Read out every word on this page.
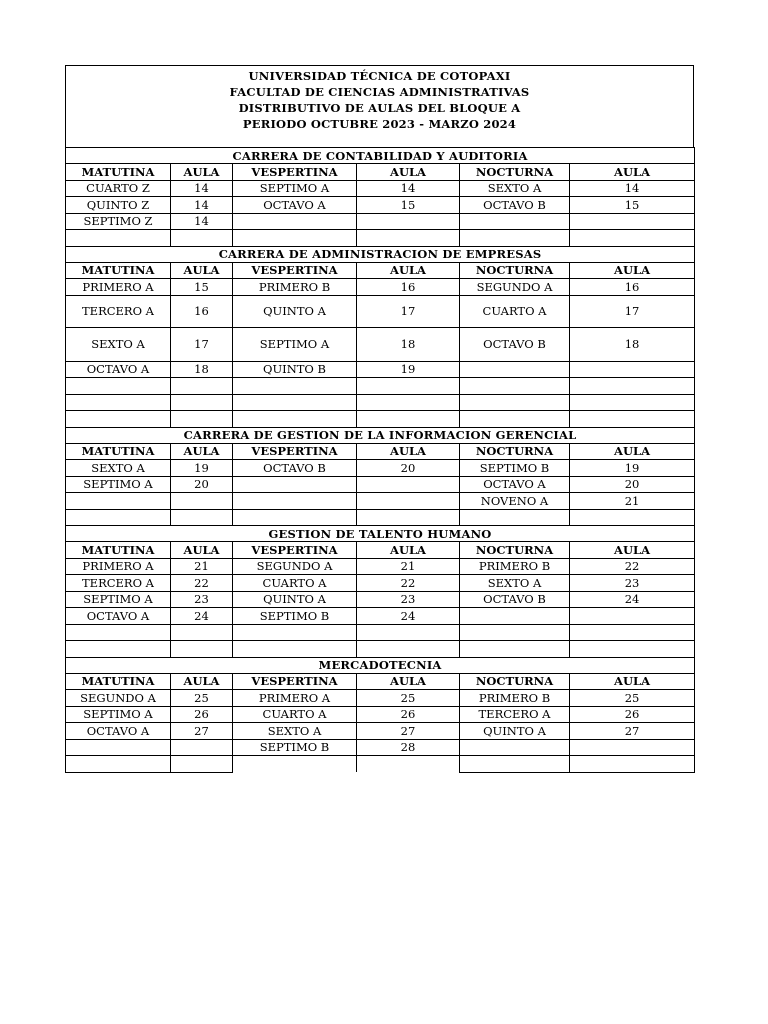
UNIVERSIDAD TÉCNICA DE COTOPAXI
FACULTAD DE CIENCIAS ADMINISTRATIVAS
DISTRIBUTIVO DE AULAS DEL BLOQUE A
PERIODO OCTUBRE 2023 - MARZO 2024
CARRERA DE CONTABILIDAD Y AUDITORIA					
MATUTINA	AULA	VESPERTINA	AULA	NOCTURNA	AULA
CUARTO Z	14	SEPTIMO A	14	SEXTO A	14
QUINTO Z	14	OCTAVO A	15	OCTAVO B	15
SEPTIMO Z	14				

CARRERA DE ADMINISTRACION DE EMPRESAS					
MATUTINA	AULA	VESPERTINA	AULA	NOCTURNA	AULA
PRIMERO A	15	PRIMERO B	16	SEGUNDO A	16
TERCERO A	16	QUINTO A	17	CUARTO A	17
SEXTO A	17	SEPTIMO A	18	OCTAVO B	18
OCTAVO A	18	QUINTO B	19		

CARRERA DE GESTION DE LA INFORMACION GERENCIAL					
MATUTINA	AULA	VESPERTINA	AULA	NOCTURNA	AULA
SEXTO A	19	OCTAVO B	20	SEPTIMO B	19
SEPTIMO A	20			OCTAVO A	20
				NOVENO A	21

GESTION DE TALENTO HUMANO					
MATUTINA	AULA	VESPERTINA	AULA	NOCTURNA	AULA
PRIMERO A	21	SEGUNDO A	21	PRIMERO B	22
TERCERO A	22	CUARTO A	22	SEXTO A	23
SEPTIMO A	23	QUINTO A	23	OCTAVO B	24
OCTAVO A	24	SEPTIMO B	24		

MERCADOTECNIA					
MATUTINA	AULA	VESPERTINA	AULA	NOCTURNA	AULA
SEGUNDO A	25	PRIMERO A	25	PRIMERO B	25
SEPTIMO A	26	CUARTO A	26	TERCERO A	26
OCTAVO A	27	SEXTO A	27	QUINTO A	27
		SEPTIMO B	28		
